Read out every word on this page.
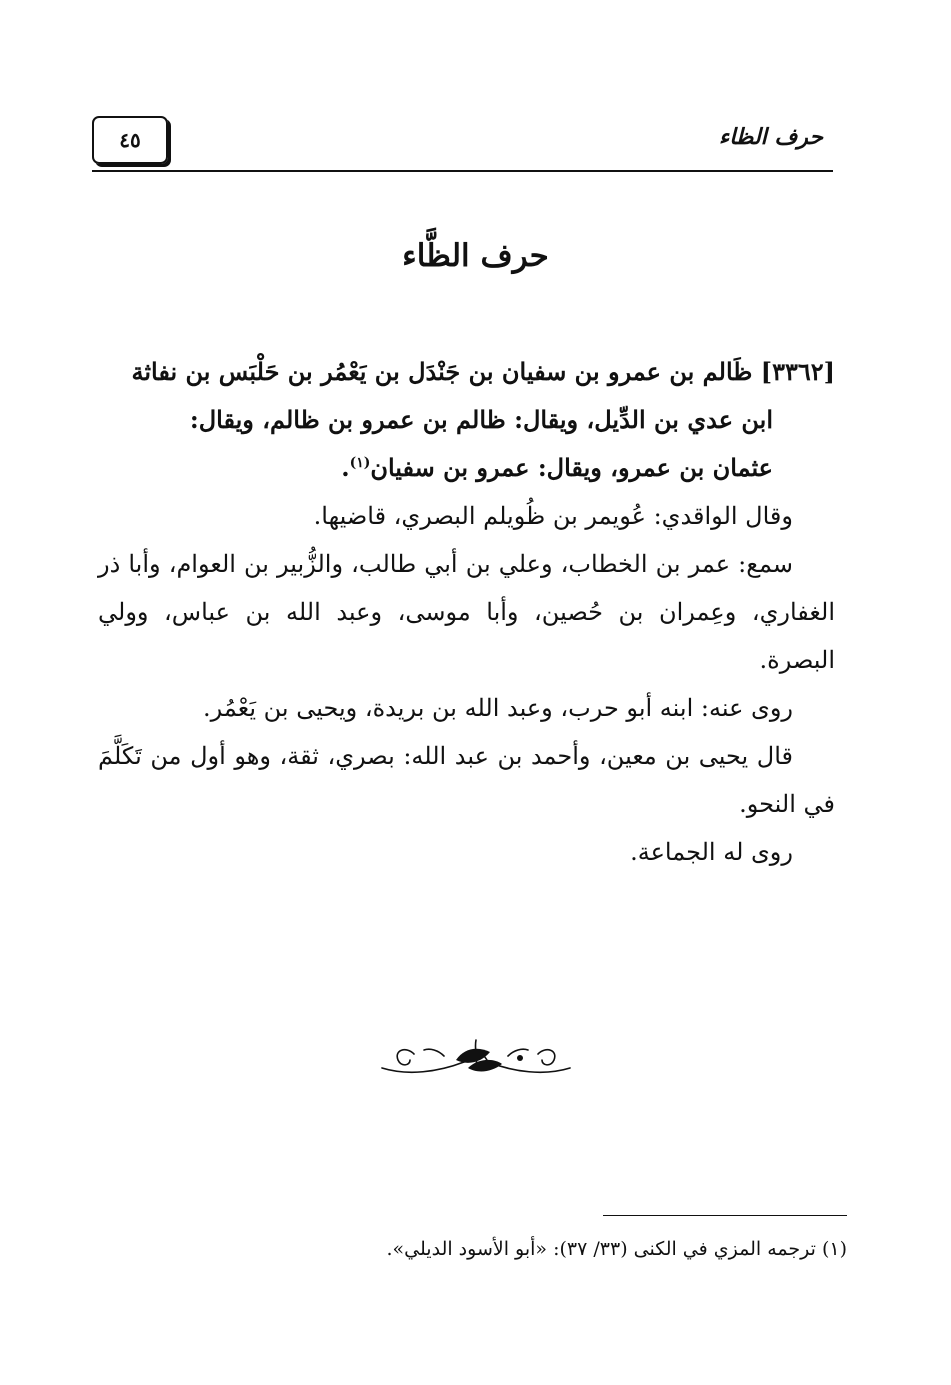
حرف الظاء
٤٥
حرف الظَّاء

[٣٣٦٢] ظَالم بن عمرو بن سفيان بن جَنْدَل بن يَعْمُر بن حَلْبَس بن نفاثة
ابن عدي بن الدِّيل، ويقال: ظالم بن عمرو بن ظالم، ويقال:
عثمان بن عمرو، ويقال: عمرو بن سفيان$^{(١)}$.

وقال الواقدي: عُويمر بن ظُويلم البصري، قاضيها.

سمع: عمر بن الخطاب، وعلي بن أبي طالب، والزُّبير بن العوام، وأبا ذر الغفاري، وعِمران بن حُصين، وأبا موسى، وعبد الله بن عباس، وولي البصرة.

روى عنه: ابنه أبو حرب، وعبد الله بن بريدة، ويحيى بن يَعْمُر.

قال يحيى بن معين، وأحمد بن عبد الله: بصري، ثقة، وهو أول من تَكَلَّمَ في النحو.

روى له الجماعة.

(١) ترجمه المزي في الكنى (٣٣/ ٣٧): «أبو الأسود الديلي».
